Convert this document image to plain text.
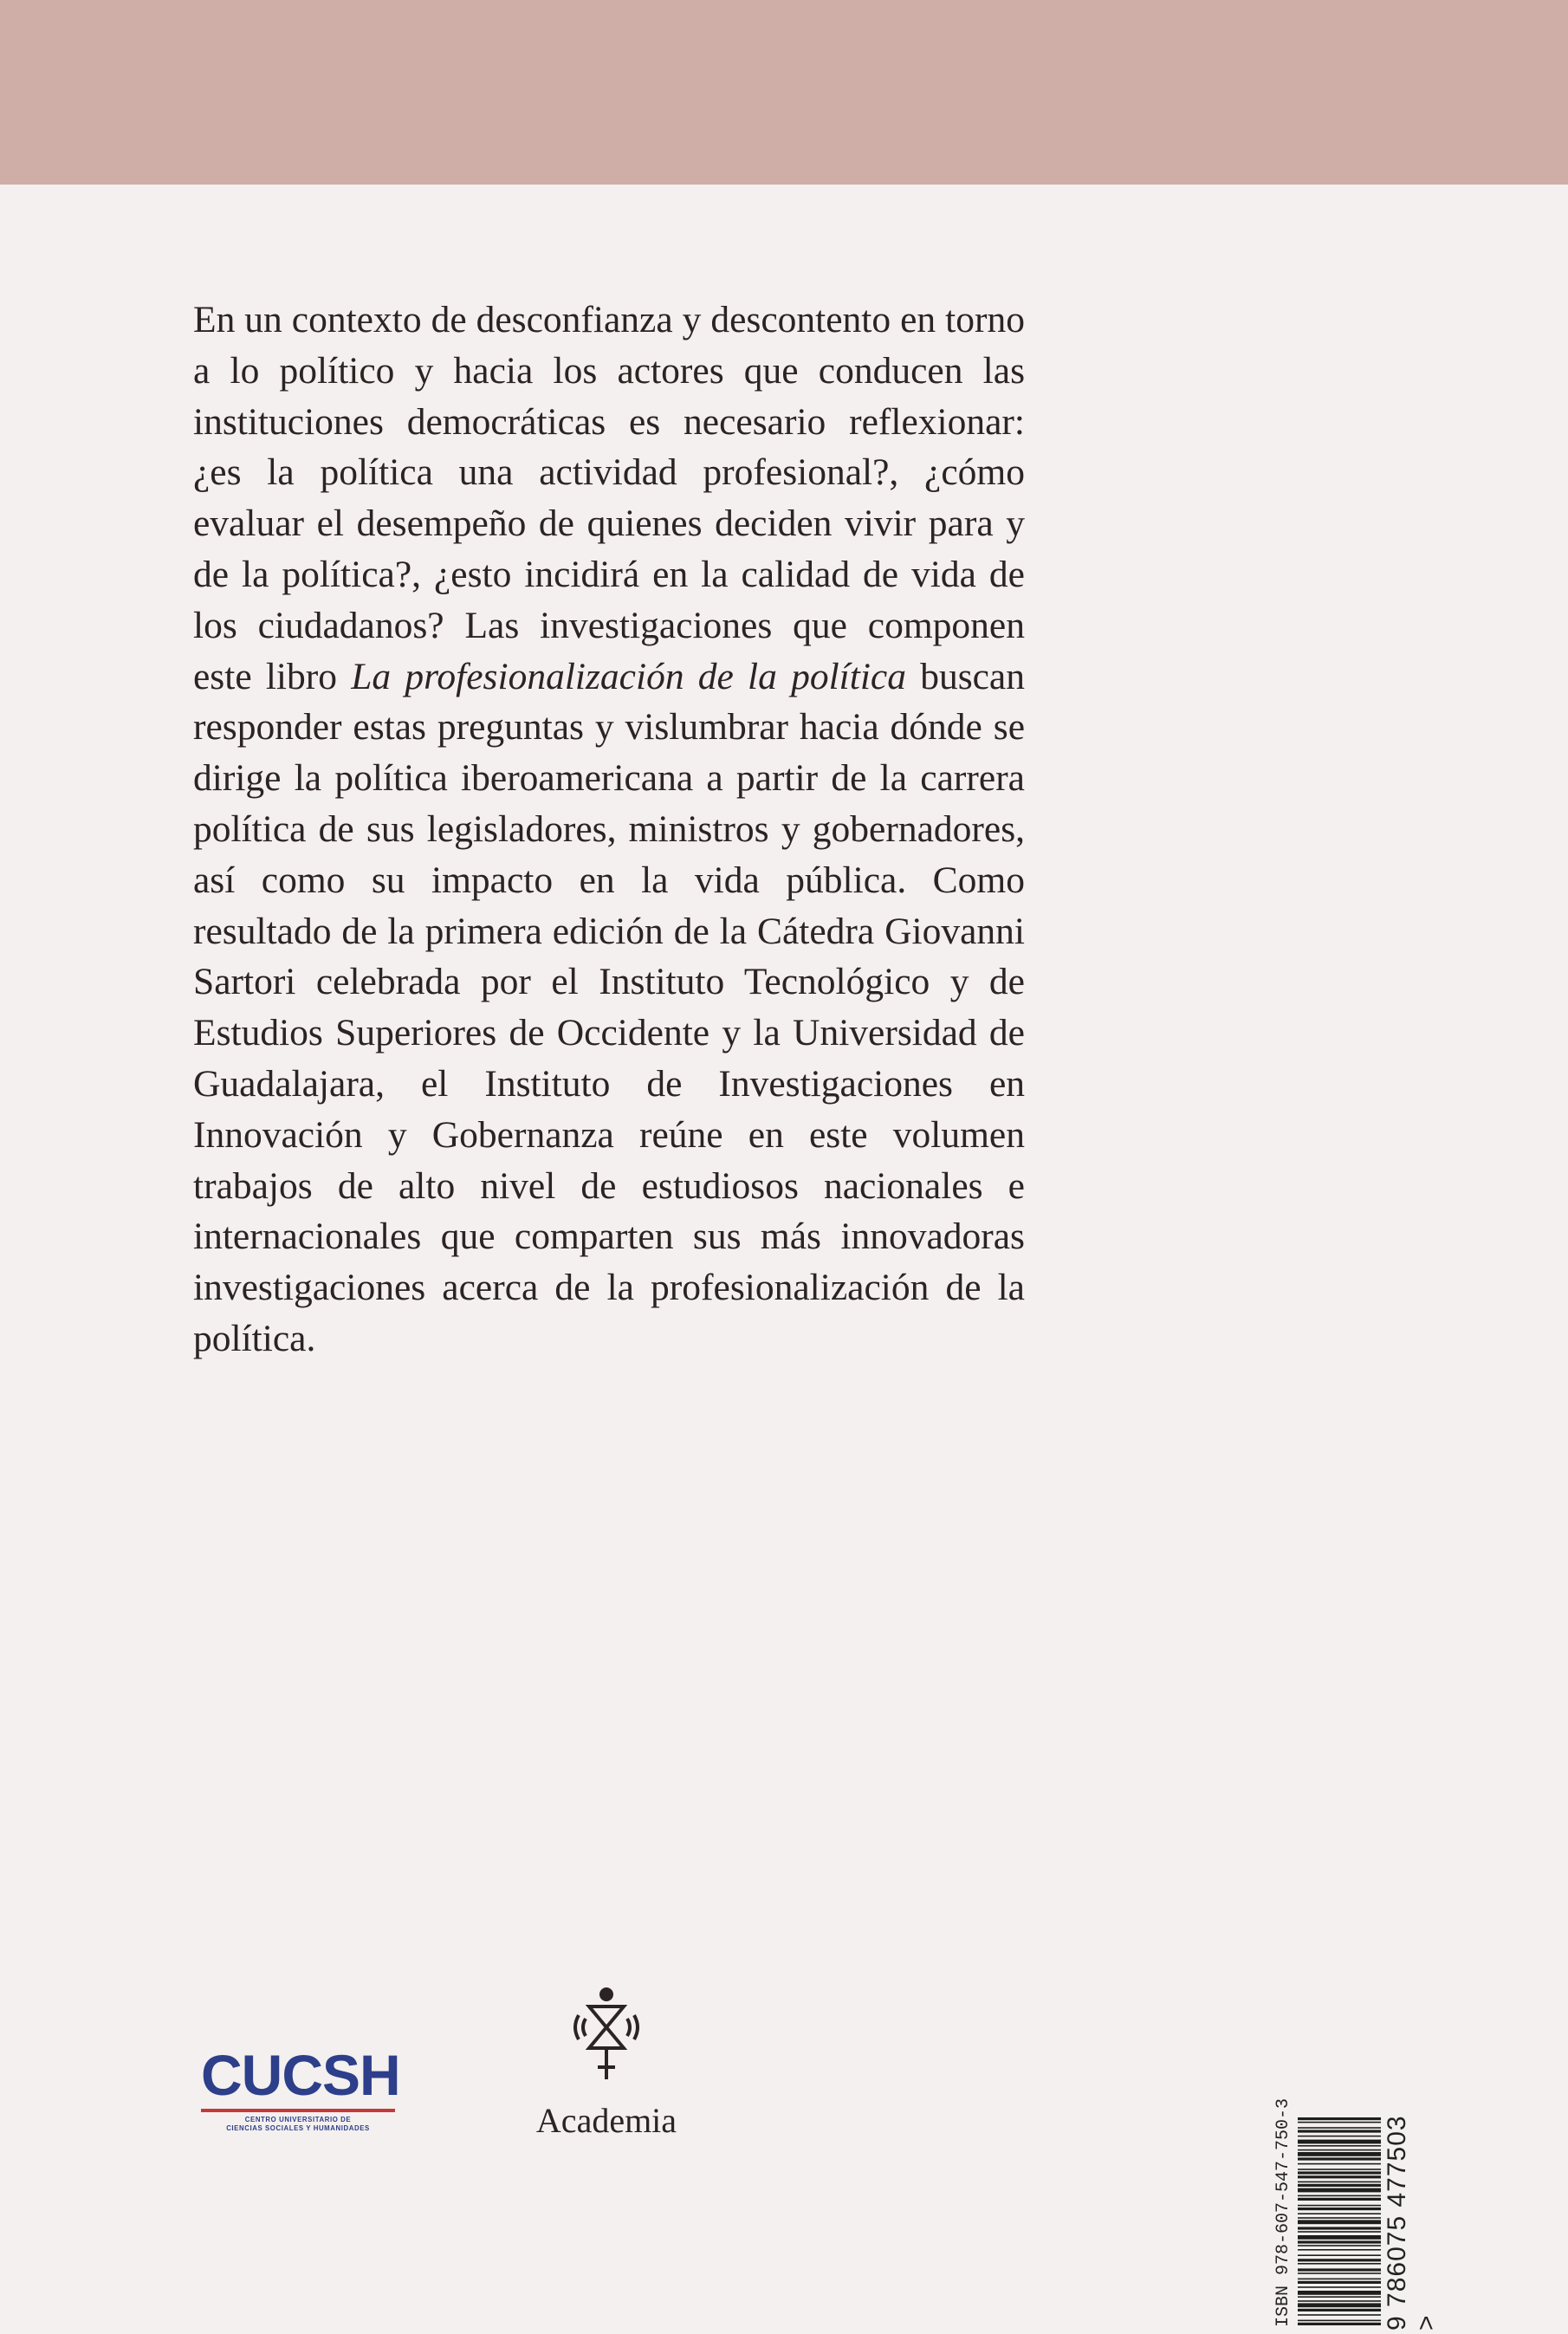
En un contexto de desconfianza y descontento en torno a lo político y hacia los actores que conducen las instituciones democráticas es necesario reflexionar: ¿es la política una actividad profesional?, ¿cómo evaluar el desempeño de quienes deciden vivir para y de la política?, ¿esto incidirá en la calidad de vida de los ciudadanos? Las investigaciones que componen este libro La profesionalización de la política buscan responder estas preguntas y vislumbrar hacia dónde se dirige la política iberoamericana a partir de la carrera política de sus legisladores, ministros y gobernadores, así como su impacto en la vida pública. Como resultado de la primera edición de la Cátedra Giovanni Sartori celebrada por el Instituto Tecnológico y de Estudios Superiores de Occidente y la Universidad de Guadalajara, el Instituto de Investigaciones en Innovación y Gobernanza reúne en este volumen trabajos de alto nivel de estudiosos nacionales e internacionales que comparten sus más innovadoras investigaciones acerca de la profesionalización de la política.
CUCSH
CENTRO UNIVERSITARIO DE
CIENCIAS SOCIALES Y HUMANIDADES	Academia	ISBN 978-607-547-750-3	9 786075 477503 >
